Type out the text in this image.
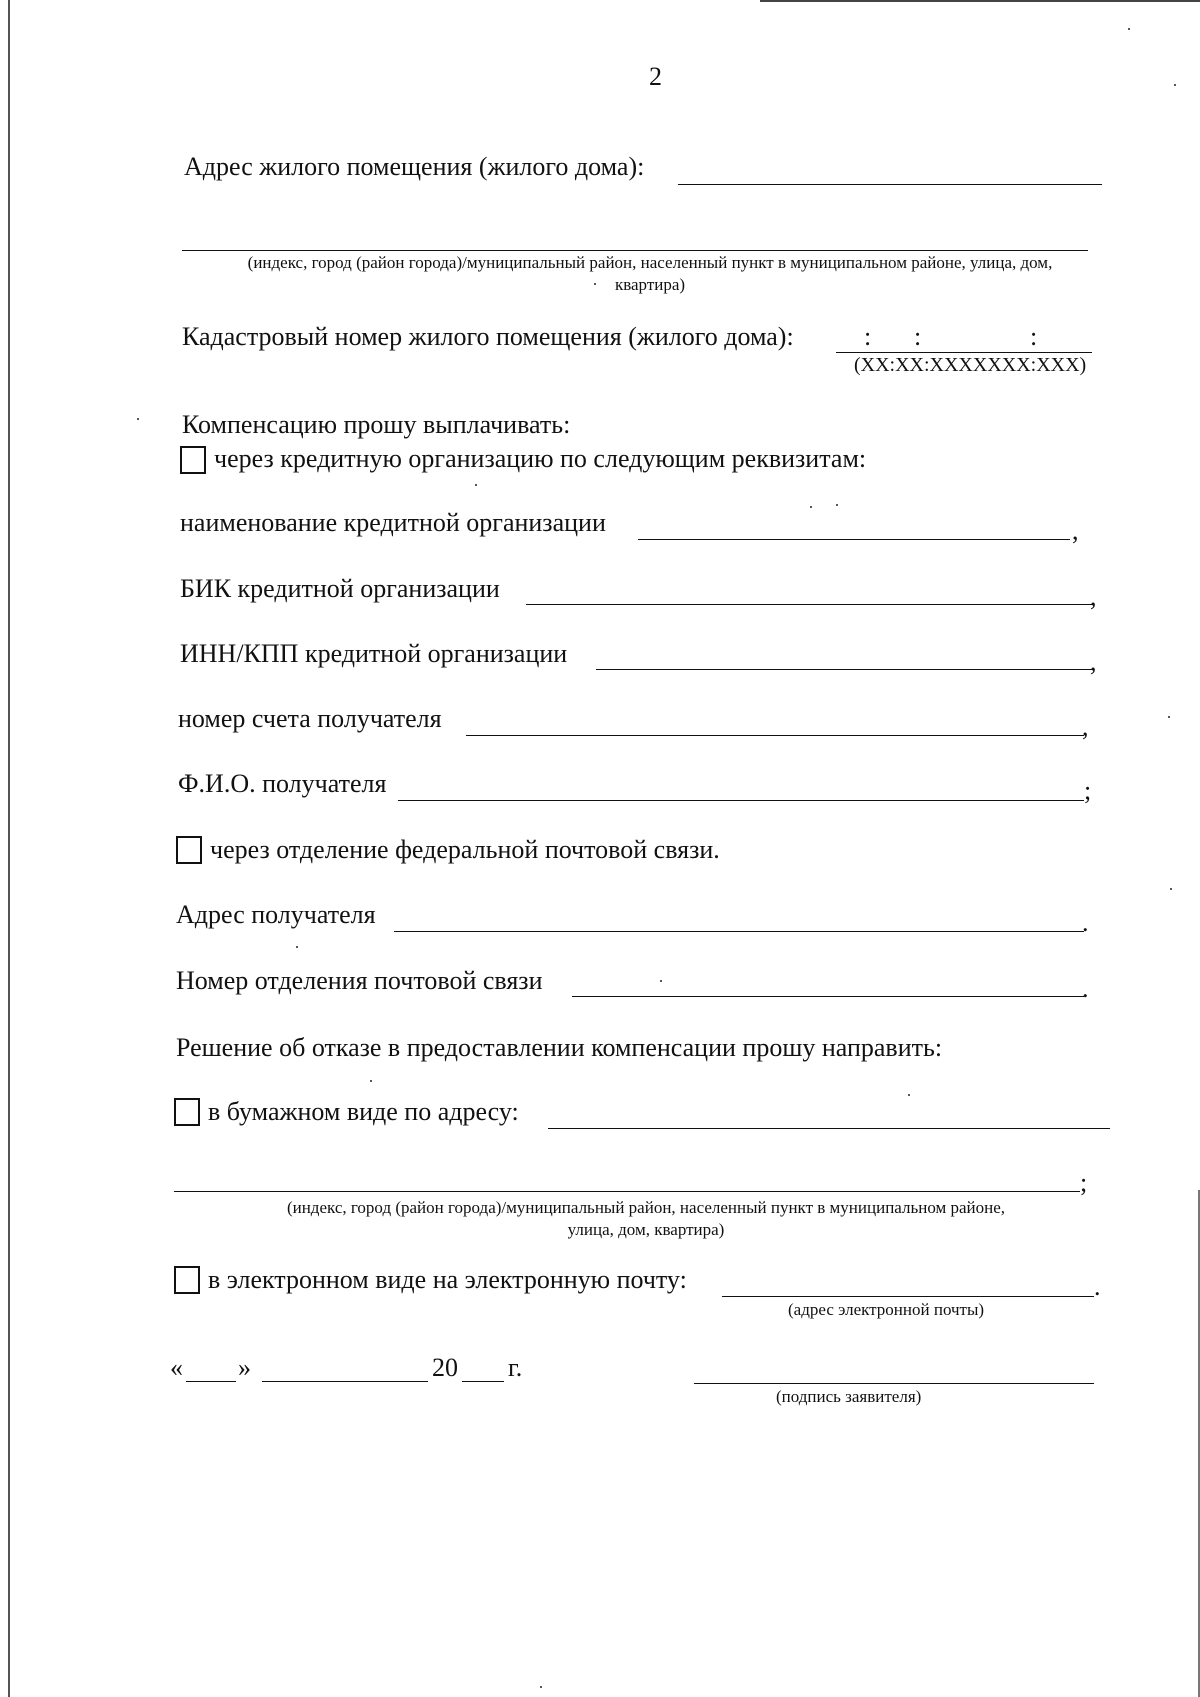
2
Адрес жилого помещения (жилого дома):
(индекс, город (район города)/муниципальный район, населенный пункт в муниципальном районе, улица, дом,
квартира)
Кадастровый номер жилого помещения (жилого дома):	: :	:
(XX:XX:XXXXXXX:XXX)
Компенсацию прошу выплачивать:
через кредитную организацию по следующим реквизитам:
наименование кредитной организации	,
БИК кредитной организации	,
ИНН/КПП кредитной организации	,
номер счета получателя	,
Ф.И.О. получателя	;
через отделение федеральной почтовой связи.
Адрес получателя	.
Номер отделения почтовой связи	.
Решение об отказе в предоставлении компенсации прошу направить:
в бумажном виде по адресу:
;
(индекс, город (район города)/муниципальный район, населенный пункт в муниципальном районе,
улица, дом, квартира)
в электронном виде на электронную почту:	.
(адрес электронной почты)
« »	20 г.
(подпись заявителя)
